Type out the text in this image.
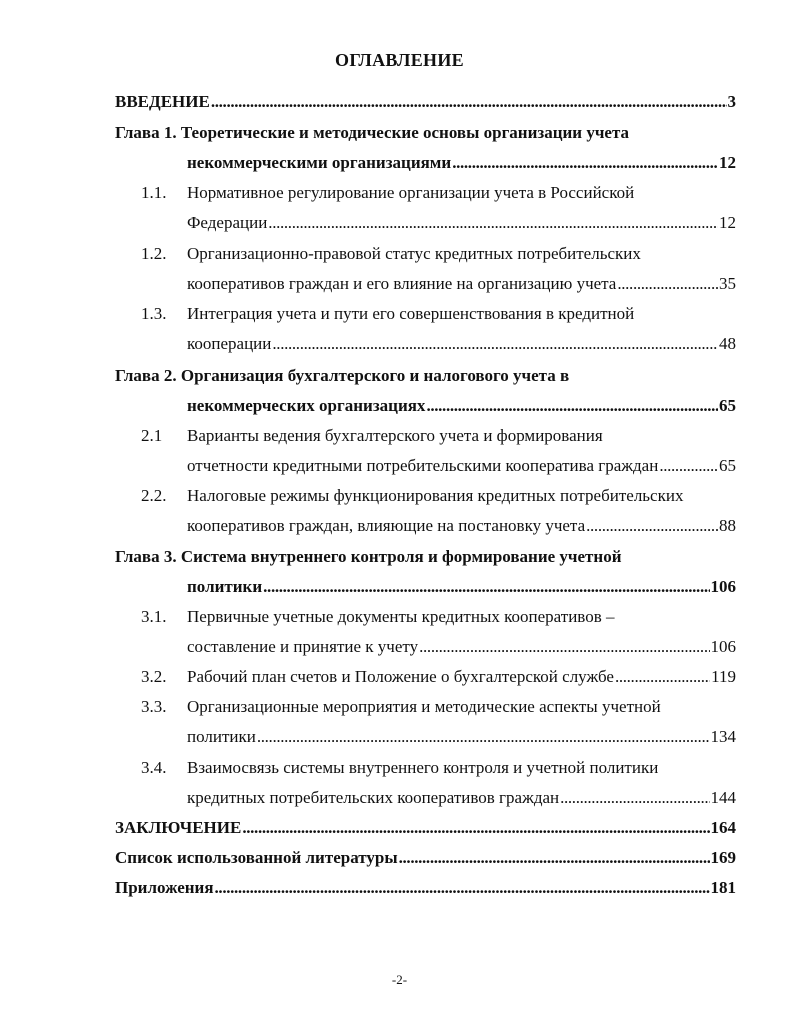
ОГЛАВЛЕНИЕ
ВВЕДЕНИЕ . . .	3
Глава 1. Теоретические и методические основы организации учета
некоммерческими организациями . . .	12
1.1. Нормативное регулирование организации учета в Российской
Федерации . . .	12
1.2. Организационно-правовой статус кредитных потребительских
кооперативов граждан и его влияние на организацию учета . . .	35
1.3. Интеграция учета и пути его совершенствования в кредитной
кооперации . . .	48
Глава 2. Организация бухгалтерского и налогового учета в
некоммерческих организациях . . .	65
2.1 Варианты ведения бухгалтерского учета и формирования
отчетности кредитными потребительскими кооператива граждан . . .	65
2.2. Налоговые режимы функционирования кредитных потребительских
кооперативов граждан, влияющие на постановку учета . . .	88
Глава 3. Система внутреннего контроля и формирование учетной
политики . . .	106
3.1. Первичные учетные документы кредитных кооперативов –
составление и принятие к учету . . .	106
3.2. Рабочий план счетов и Положение о бухгалтерской службе . . .	119
3.3. Организационные мероприятия и методические аспекты учетной
политики . . .	134
3.4. Взаимосвязь системы внутреннего контроля и учетной политики
кредитных потребительских кооперативов граждан . . .	144
ЗАКЛЮЧЕНИЕ . . .	164
Список использованной литературы . . .	169
Приложения . . .	181
-2-
